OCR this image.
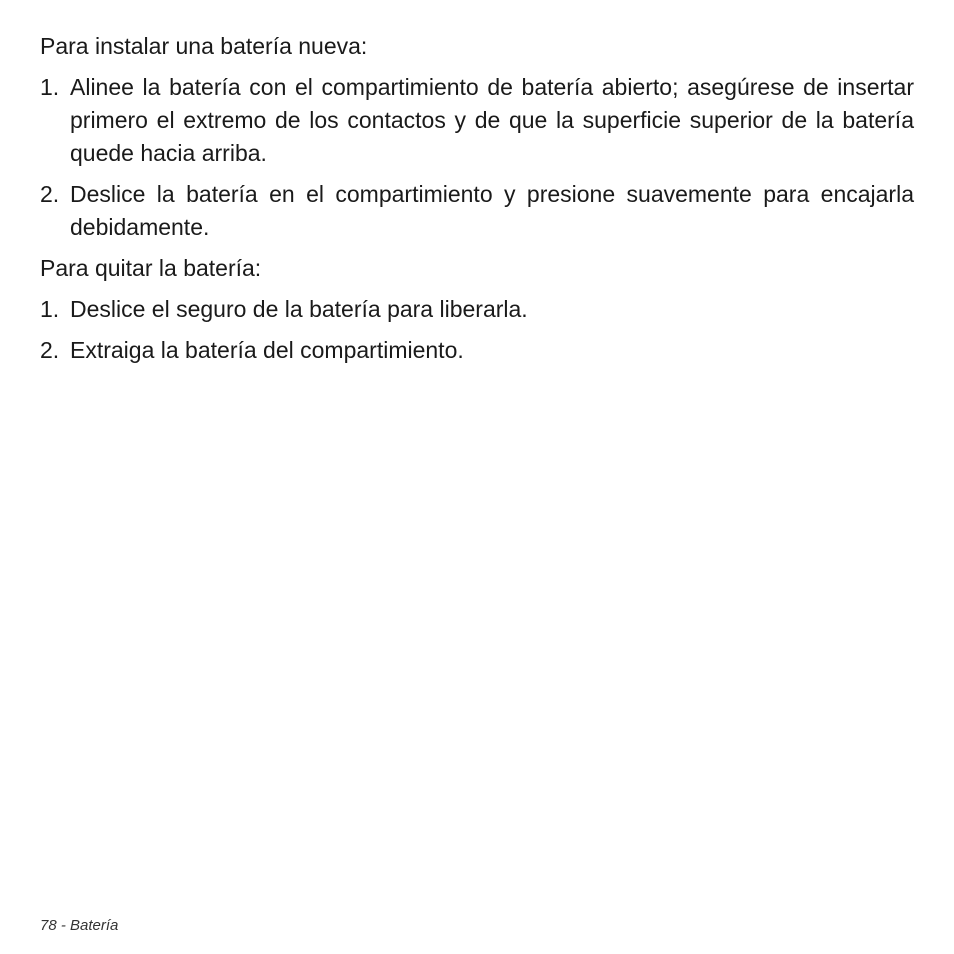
Para instalar una batería nueva:

1. Alinee la batería con el compartimiento de batería abierto; asegúrese de insertar primero el extremo de los contactos y de que la superficie superior de la batería quede hacia arriba.
2. Deslice la batería en el compartimiento y presione suavemente para encajarla debidamente.

Para quitar la batería:

1. Deslice el seguro de la batería para liberarla.
2. Extraiga la batería del compartimiento.
78 - Batería
